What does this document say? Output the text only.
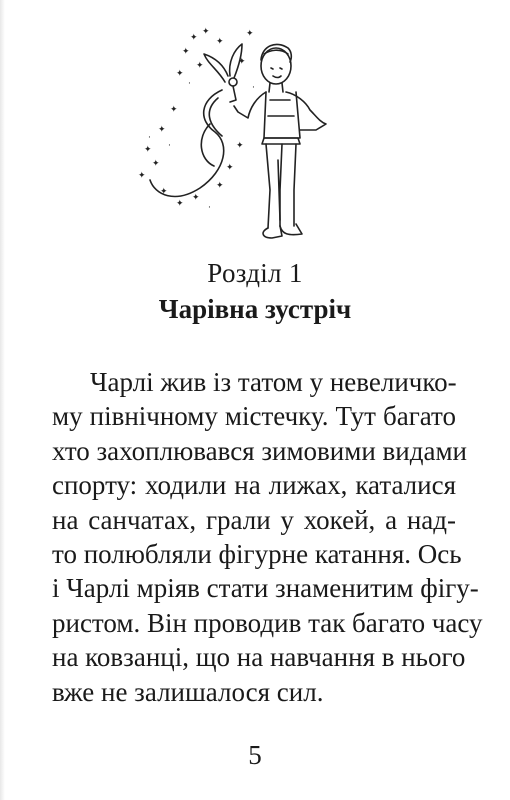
✦
✦
✦
✦
✦
✦
✦
·
✦
✦
✦
✦
✦
✦
✦
✦
✦
✦
✦
·
·
·
✦
·
Розділ 1
Чарівна зустріч
Чарлі жив із татом у невеличко-
му північному містечку. Тут багато
хто захоплювався зимовими видами
спорту: ходили на лижах, каталися
на санчатах, грали у хокей, а над-
то полюбляли фігурне катання. Ось
і Чарлі мріяв стати знаменитим фігу-
ристом. Він проводив так багато часу
на ковзанці, що на навчання в нього
вже не залишалося сил.
5
